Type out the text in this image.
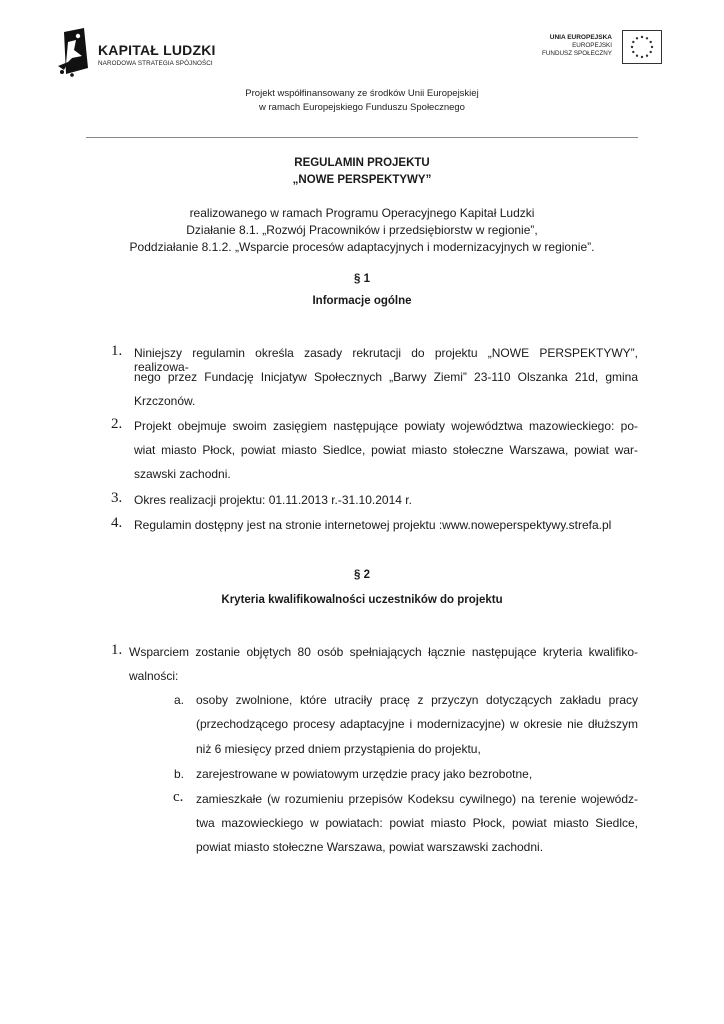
KAPITAŁ LUDZKI
NARODOWA STRATEGIA SPÓJNOŚCI
UNIA EUROPEJSKA
EUROPEJSKI
FUNDUSZ SPOŁECZNY
Projekt współfinansowany ze środków Unii Europejskiej
w ramach Europejskiego Funduszu Społecznego
REGULAMIN PROJEKTU
„NOWE PERSPEKTYWY”
realizowanego w ramach Programu Operacyjnego Kapitał Ludzki
Działanie 8.1. „Rozwój Pracowników i przedsiębiorstw w regionie”,
Poddziałanie 8.1.2. „Wsparcie procesów adaptacyjnych i modernizacyjnych w regionie”.
§ 1
Informacje ogólne
1. Niniejszy regulamin określa zasady rekrutacji do projektu „NOWE PERSPEKTYWY”, realizowa-
nego przez Fundację Inicjatyw Społecznych „Barwy Ziemi” 23-110 Olszanka 21d, gmina
Krzczonów.
2. Projekt obejmuje swoim zasięgiem następujące powiaty województwa mazowieckiego: po-
wiat miasto Płock, powiat miasto Siedlce, powiat miasto stołeczne Warszawa, powiat war-
szawski zachodni.
3. Okres realizacji projektu: 01.11.2013 r.-31.10.2014 r.
4. Regulamin dostępny jest na stronie internetowej projektu :www.noweperspektywy.strefa.pl
§ 2
Kryteria kwalifikowalności uczestników do projektu
1. Wsparciem zostanie objętych 80 osób spełniających łącznie następujące kryteria kwalifiko-
walności:
a. osoby zwolnione, które utraciły pracę z przyczyn dotyczących zakładu pracy
(przechodzącego procesy adaptacyjne i modernizacyjne) w okresie nie dłuższym
niż 6 miesięcy przed dniem przystąpienia do projektu,
b. zarejestrowane w powiatowym urzędzie pracy jako bezrobotne,
c. zamieszkałe (w rozumieniu przepisów Kodeksu cywilnego) na terenie wojewódz-
twa mazowieckiego w powiatach: powiat miasto Płock, powiat miasto Siedlce,
powiat miasto stołeczne Warszawa, powiat warszawski zachodni.
